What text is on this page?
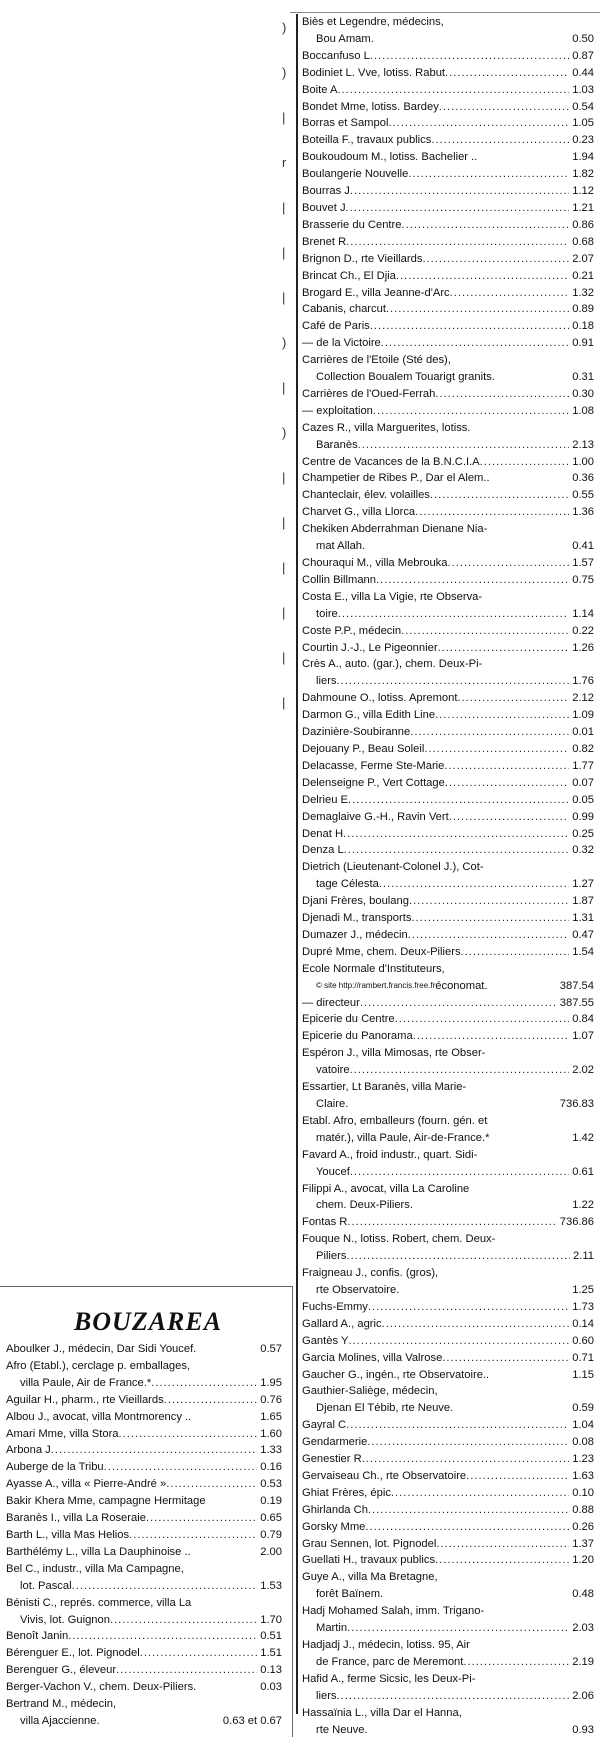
)
)
|
r
|
|
|
)
|
)
|
|
|
|
|
|
BOUZAREA
Aboulker J., médecin, Dar Sidi Youcef.	0.57
Afro (Etabl.), cerclage p. emballages,
villa Paule, Air de France.* .....	1.95
Aguilar H., pharm., rte Vieillards .....	0.76
Albou J., avocat, villa Montmorency ..	1.65
Amari Mme, villa Stora .....	1.60
Arbona J .....	1.33
Auberge de la Tribu .....	0.16
Ayasse A., villa « Pierre-André » .....	0.53
Bakir Khera Mme, campagne Hermitage	0.19
Baranès I., villa La Roseraie .....	0.65
Barth L., villa Mas Helios .....	0.79
Barthélémy L., villa La Dauphinoise ..	2.00
Bel C., industr., villa Ma Campagne,
lot. Pascal .....	1.53
Bénisti C., représ. commerce, villa La
Vivis, lot. Guignon .....	1.70
Benoît Janin .....	0.51
Bérenguer E., lot. Pignodel .....	1.51
Berenguer G., éleveur .....	0.13
Berger-Vachon V., chem. Deux-Piliers.	0.03
Bertrand M., médecin,
villa Ajaccienne.	0.63 et 0.67
Biès et Legendre, médecins,
Bou Amam.	0.50
Boccanfuso L .....	0.87
Bodiniet L. Vve, lotiss. Rabut .....	0.44
Boite A .....	1.03
Bondet Mme, lotiss. Bardey .....	0.54
Borras et Sampol .....	1.05
Boteilla F., travaux publics .....	0.23
Boukoudoum M., lotiss. Bachelier ..	1.94
Boulangerie Nouvelle .....	1.82
Bourras J .....	1.12
Bouvet J .....	1.21
Brasserie du Centre .....	0.86
Brenet R .....	0.68
Brignon D., rte Vieillards .....	2.07
Brincat Ch., El Djia .....	0.21
Brogard E., villa Jeanne-d'Arc .....	1.32
Cabanis, charcut .....	0.89
Café de Paris .....	0.18
— de la Victoire .....	0.91
Carrières de l'Etoile (Sté des),
Collection Boualem Touarigt granits.	0.31
Carrières de l'Oued-Ferrah .....	0.30
— exploitation .....	1.08
Cazes R., villa Marguerites, lotiss.
Baranès .....	2.13
Centre de Vacances de la B.N.C.I.A .....	1.00
Champetier de Ribes P., Dar el Alem..	0.36
Chanteclair, élev. volailles .....	0.55
Charvet G., villa Llorca .....	1.36
Chekiken Abderrahman Dienane Nia-
mat Allah.	0.41
Chouraqui M., villa Mebrouka .....	1.57
Collin Billmann .....	0.75
Costa E., villa La Vigie, rte Observa-
toire .....	1.14
Coste P.P., médecin .....	0.22
Courtin J.-J., Le Pigeonnier .....	1.26
Crès A., auto. (gar.), chem. Deux-Pi-
liers .....	1.76
Dahmoune O., lotiss. Apremont .....	2.12
Darmon G., villa Edith Line .....	1.09
Dazinière-Soubiranne .....	0.01
Dejouany P., Beau Soleil .....	0.82
Delacasse, Ferme Ste-Marie .....	1.77
Delenseigne P., Vert Cottage .....	0.07
Delrieu E .....	0.05
Demaglaive G.-H., Ravin Vert .....	0.99
Denat H .....	0.25
Denza L .....	0.32
Dietrich (Lieutenant-Colonel J.), Cot-
tage Célesta .....	1.27
Djani Frères, boulang .....	1.87
Djenadi M., transports .....	1.31
Dumazer J., médecin .....	0.47
Dupré Mme, chem. Deux-Piliers .....	1.54
Ecole Normale d'Instituteurs,
© site http://rambert.francis.free.fr économat.	387.54
— directeur .....	387.55
Epicerie du Centre .....	0.84
Epicerie du Panorama .....	1.07
Espéron J., villa Mimosas, rte Obser-
vatoire .....	2.02
Essartier, Lt Baranès, villa Marie-
Claire.	736.83
Etabl. Afro, emballeurs (fourn. gén. et
matér.), villa Paule, Air-de-France.*	1.42
Favard A., froid industr., quart. Sidi-
Youcef .....	0.61
Filippi A., avocat, villa La Caroline
chem. Deux-Piliers.	1.22
Fontas R .....	736.86
Fouque N., lotiss. Robert, chem. Deux-
Piliers .....	2.11
Fraigneau J., confis. (gros),
rte Observatoire.	1.25
Fuchs-Emmy .....	1.73
Gallard A., agric .....	0.14
Gantès Y .....	0.60
Garcia Molines, villa Valrose .....	0.71
Gaucher G., ingén., rte Observatoire..	1.15
Gauthier-Saliège, médecin,
Djenan El Tébib, rte Neuve.	0.59
Gayral C .....	1.04
Gendarmerie .....	0.08
Genestier R .....	1.23
Gervaiseau Ch., rte Observatoire .....	1.63
Ghiat Frères, épic .....	0.10
Ghirlanda Ch .....	0.88
Gorsky Mme .....	0.26
Grau Sennen, lot. Pignodel .....	1.37
Guellati H., travaux publics .....	1.20
Guye A., villa Ma Bretagne,
forêt Baïnem.	0.48
Hadj Mohamed Salah, imm. Trigano-
Martin .....	2.03
Hadjadj J., médecin, lotiss. 95, Air
de France, parc de Meremont .....	2.19
Hafid A., ferme Sicsic, les Deux-Pi-
liers .....	2.06
Hassaïnia L., villa Dar el Hanna,
rte Neuve.	0.93
